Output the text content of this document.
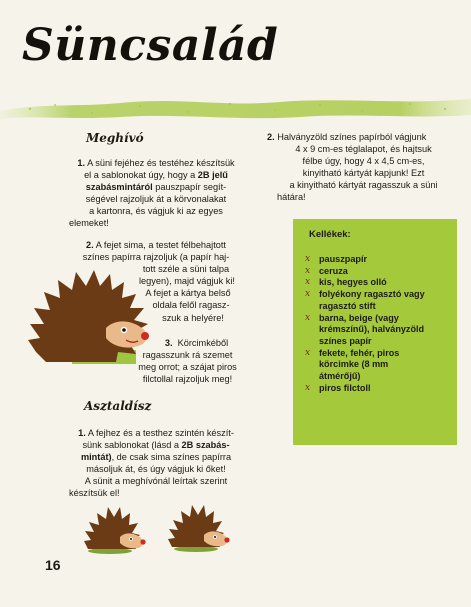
Süncsalád
Meghívó
1. A süni fejéhez és testéhez készítsük
el a sablonokat úgy, hogy a 2B jelű
szabásmintáról pauszpapír segít-
ségével rajzoljuk át a körvonalakat
a kartonra, és vágjuk ki az egyes
elemeket!
2. A fejet sima, a testet félbehajtott
színes papírra rajzoljuk (a papír haj-
tott széle a süni talpa
legyen), majd vágjuk ki!
A fejet a kártya belső
oldala felől ragasz-
szuk a helyére!
3. Körcimkéből
ragasszunk rá szemet
meg orrot; a szájat piros
filctollal rajzoljuk meg!
Asztaldísz
1. A fejhez és a testhez szintén készít-
sünk sablonokat (lásd a 2B szabás-
mintát), de csak sima színes papírra
másoljuk át, és úgy vágjuk ki őket!
A sünit a meghívónál leírtak szerint
készítsük el!
2. Halványzöld színes papírból vágjunk
4 x 9 cm-es téglalapot, és hajtsuk
félbe úgy, hogy 4 x 4,5 cm-es,
kinyitható kártyát kapjunk! Ezt
a kinyitható kártyát ragasszuk a süni
hátára!
Kellékek:
x pauszpapír
x ceruza
x kis, hegyes olló
x folyékony ragasztó vagy ragasztó stift
x barna, beige (vagy krémszínű), halványzöld színes papír
x fekete, fehér, piros körcimke (8 mm átmérőjű)
x piros filctoll
16
